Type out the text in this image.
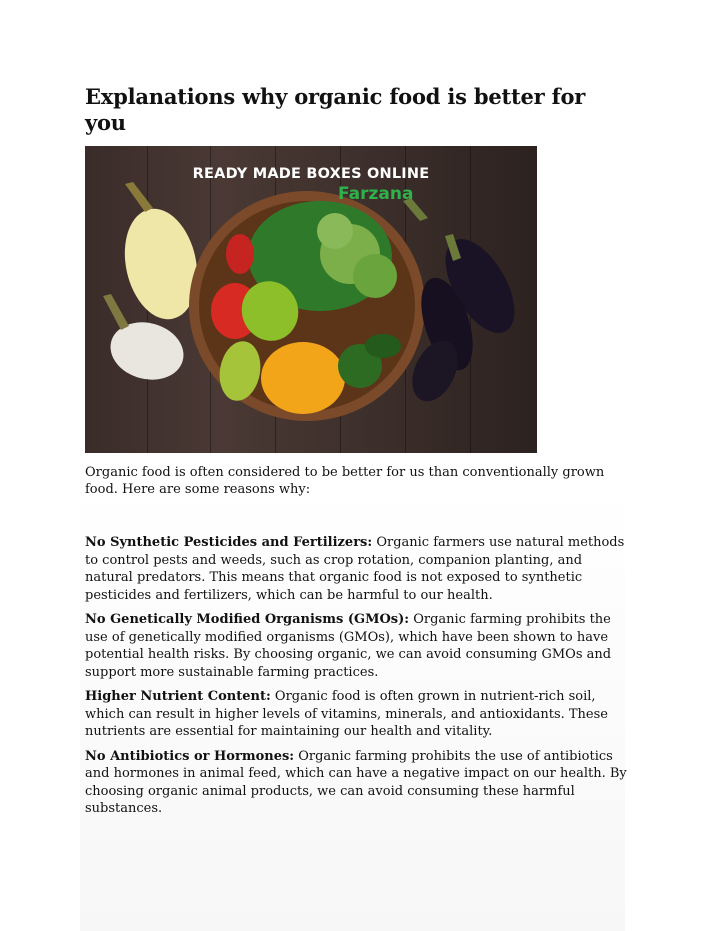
Explanations why organic food is better for you
READY MADE BOXES ONLINE
Farzana
Organic food is often considered to be better for us than conventionally grown food. Here are some reasons why:

No Synthetic Pesticides and Fertilizers: Organic farmers use natural methods to control pests and weeds, such as crop rotation, companion planting, and natural predators. This means that organic food is not exposed to synthetic pesticides and fertilizers, which can be harmful to our health.

No Genetically Modified Organisms (GMOs): Organic farming prohibits the use of genetically modified organisms (GMOs), which have been shown to have potential health risks. By choosing organic, we can avoid consuming GMOs and support more sustainable farming practices.

Higher Nutrient Content: Organic food is often grown in nutrient-rich soil, which can result in higher levels of vitamins, minerals, and antioxidants. These nutrients are essential for maintaining our health and vitality.

No Antibiotics or Hormones: Organic farming prohibits the use of antibiotics and hormones in animal feed, which can have a negative impact on our health. By choosing organic animal products, we can avoid consuming these harmful substances.
